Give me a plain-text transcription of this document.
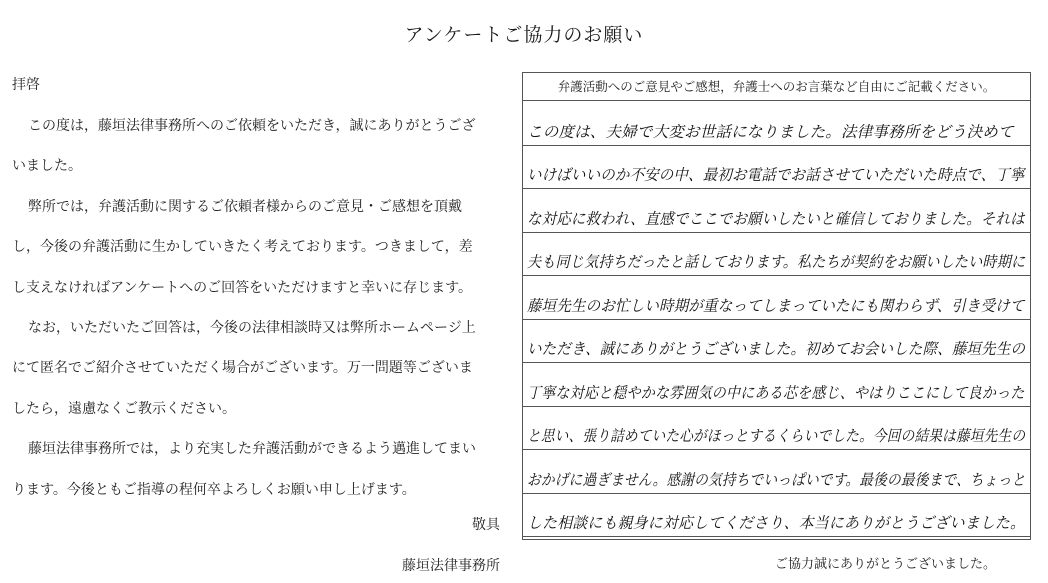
アンケートご協力のお願い
拝啓
この度は，藤垣法律事務所へのご依頼をいただき，誠にありがとうござ
いました。
弊所では，弁護活動に関するご依頼者様からのご意見・ご感想を頂戴
し，今後の弁護活動に生かしていきたく考えております。つきまして，差
し支えなければアンケートへのご回答をいただけますと幸いに存じます。
なお，いただいたご回答は，今後の法律相談時又は弊所ホームページ上
にて匿名でご紹介させていただく場合がございます。万一問題等ございま
したら，遠慮なくご教示ください。
藤垣法律事務所では，より充実した弁護活動ができるよう邁進してまい
ります。今後ともご指導の程何卒よろしくお願い申し上げます。
敬具
藤垣法律事務所
弁護活動へのご意見やご感想，弁護士へのお言葉など自由にご記載ください。
この度は、夫婦で大変お世話になりました。法律事務所をどう決めて
いけばいいのか不安の中、最初お電話でお話させていただいた時点で、丁寧
な対応に救われ、直感でここでお願いしたいと確信しておりました。それは
夫も同じ気持ちだったと話しております。私たちが契約をお願いしたい時期に
藤垣先生のお忙しい時期が重なってしまっていたにも関わらず、引き受けて
いただき、誠にありがとうございました。初めてお会いした際、藤垣先生の
丁寧な対応と穏やかな雰囲気の中にある芯を感じ、やはりここにして良かった
と思い、張り詰めていた心がほっとするくらいでした。今回の結果は藤垣先生の
おかげに過ぎません。感謝の気持ちでいっぱいです。最後の最後まで、ちょっと
した相談にも親身に対応してくださり、本当にありがとうございました。
ご協力誠にありがとうございました。
